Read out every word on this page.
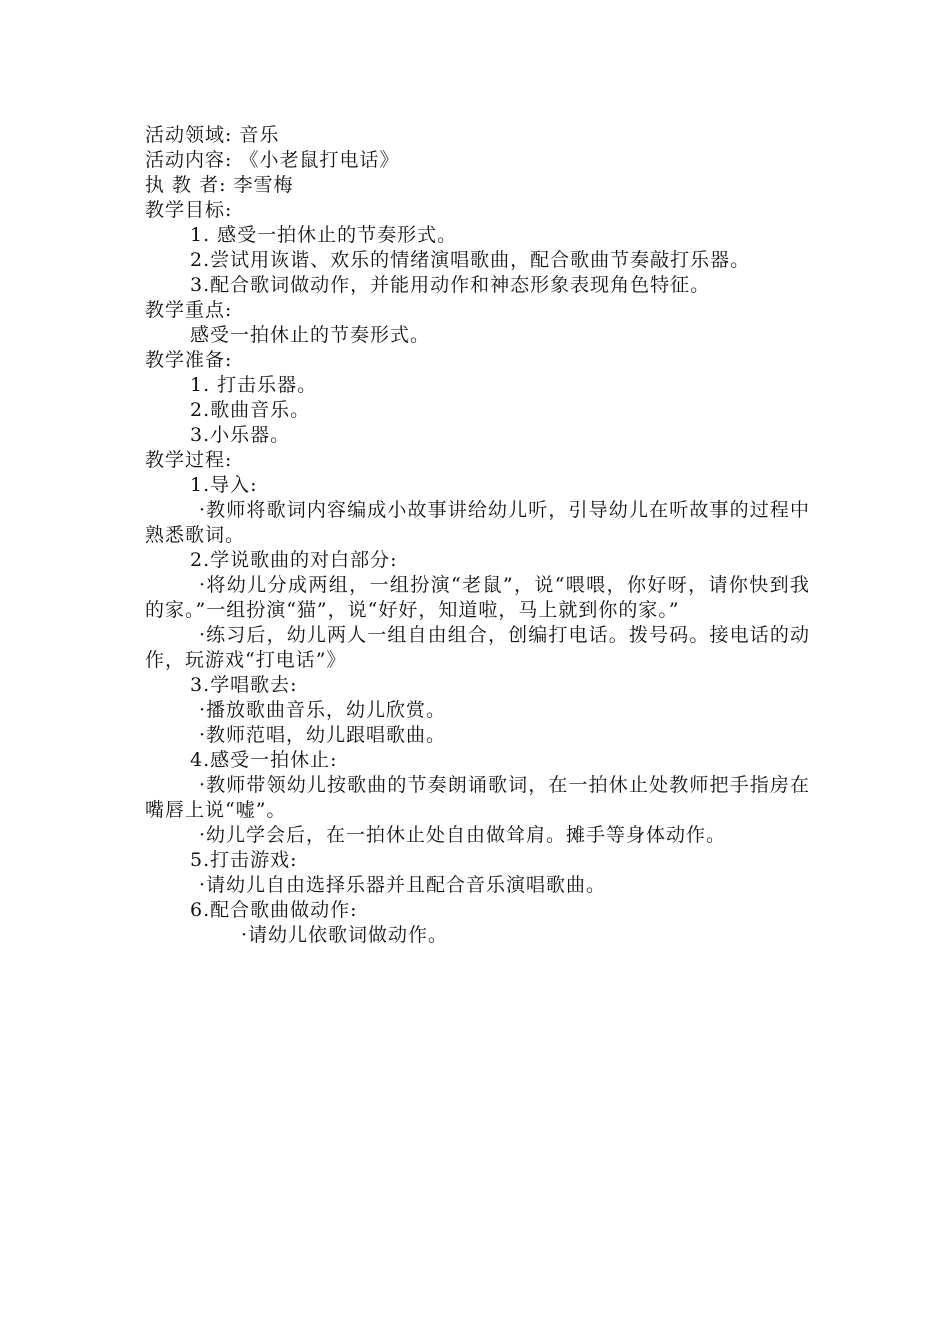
活动领域: 音乐
活动内容: 《小老鼠打电话》
执 教 者: 李雪梅
教学目标:
1. 感受一拍休止的节奏形式。
2.尝试用诙谐、欢乐的情绪演唱歌曲，配合歌曲节奏敲打乐器。
3.配合歌词做动作，并能用动作和神态形象表现角色特征。
教学重点:
感受一拍休止的节奏形式。
教学准备:
1. 打击乐器。
2.歌曲音乐。
3.小乐器。
教学过程:
1.导入:
·教师将歌词内容编成小故事讲给幼儿听，引导幼儿在听故事的过程中熟悉歌词。
2.学说歌曲的对白部分:
·将幼儿分成两组，一组扮演“老鼠”，说“喂喂，你好呀，请你快到我的家。”一组扮演“猫”，说“好好，知道啦，马上就到你的家。”
·练习后，幼儿两人一组自由组合，创编打电话。拨号码。接电话的动作，玩游戏“打电话”》
3.学唱歌去:
·播放歌曲音乐，幼儿欣赏。
·教师范唱，幼儿跟唱歌曲。
4.感受一拍休止:
·教师带领幼儿按歌曲的节奏朗诵歌词，在一拍休止处教师把手指房在嘴唇上说“嘘”。
·幼儿学会后，在一拍休止处自由做耸肩。摊手等身体动作。
5.打击游戏:
·请幼儿自由选择乐器并且配合音乐演唱歌曲。
6.配合歌曲做动作:
·请幼儿依歌词做动作。
